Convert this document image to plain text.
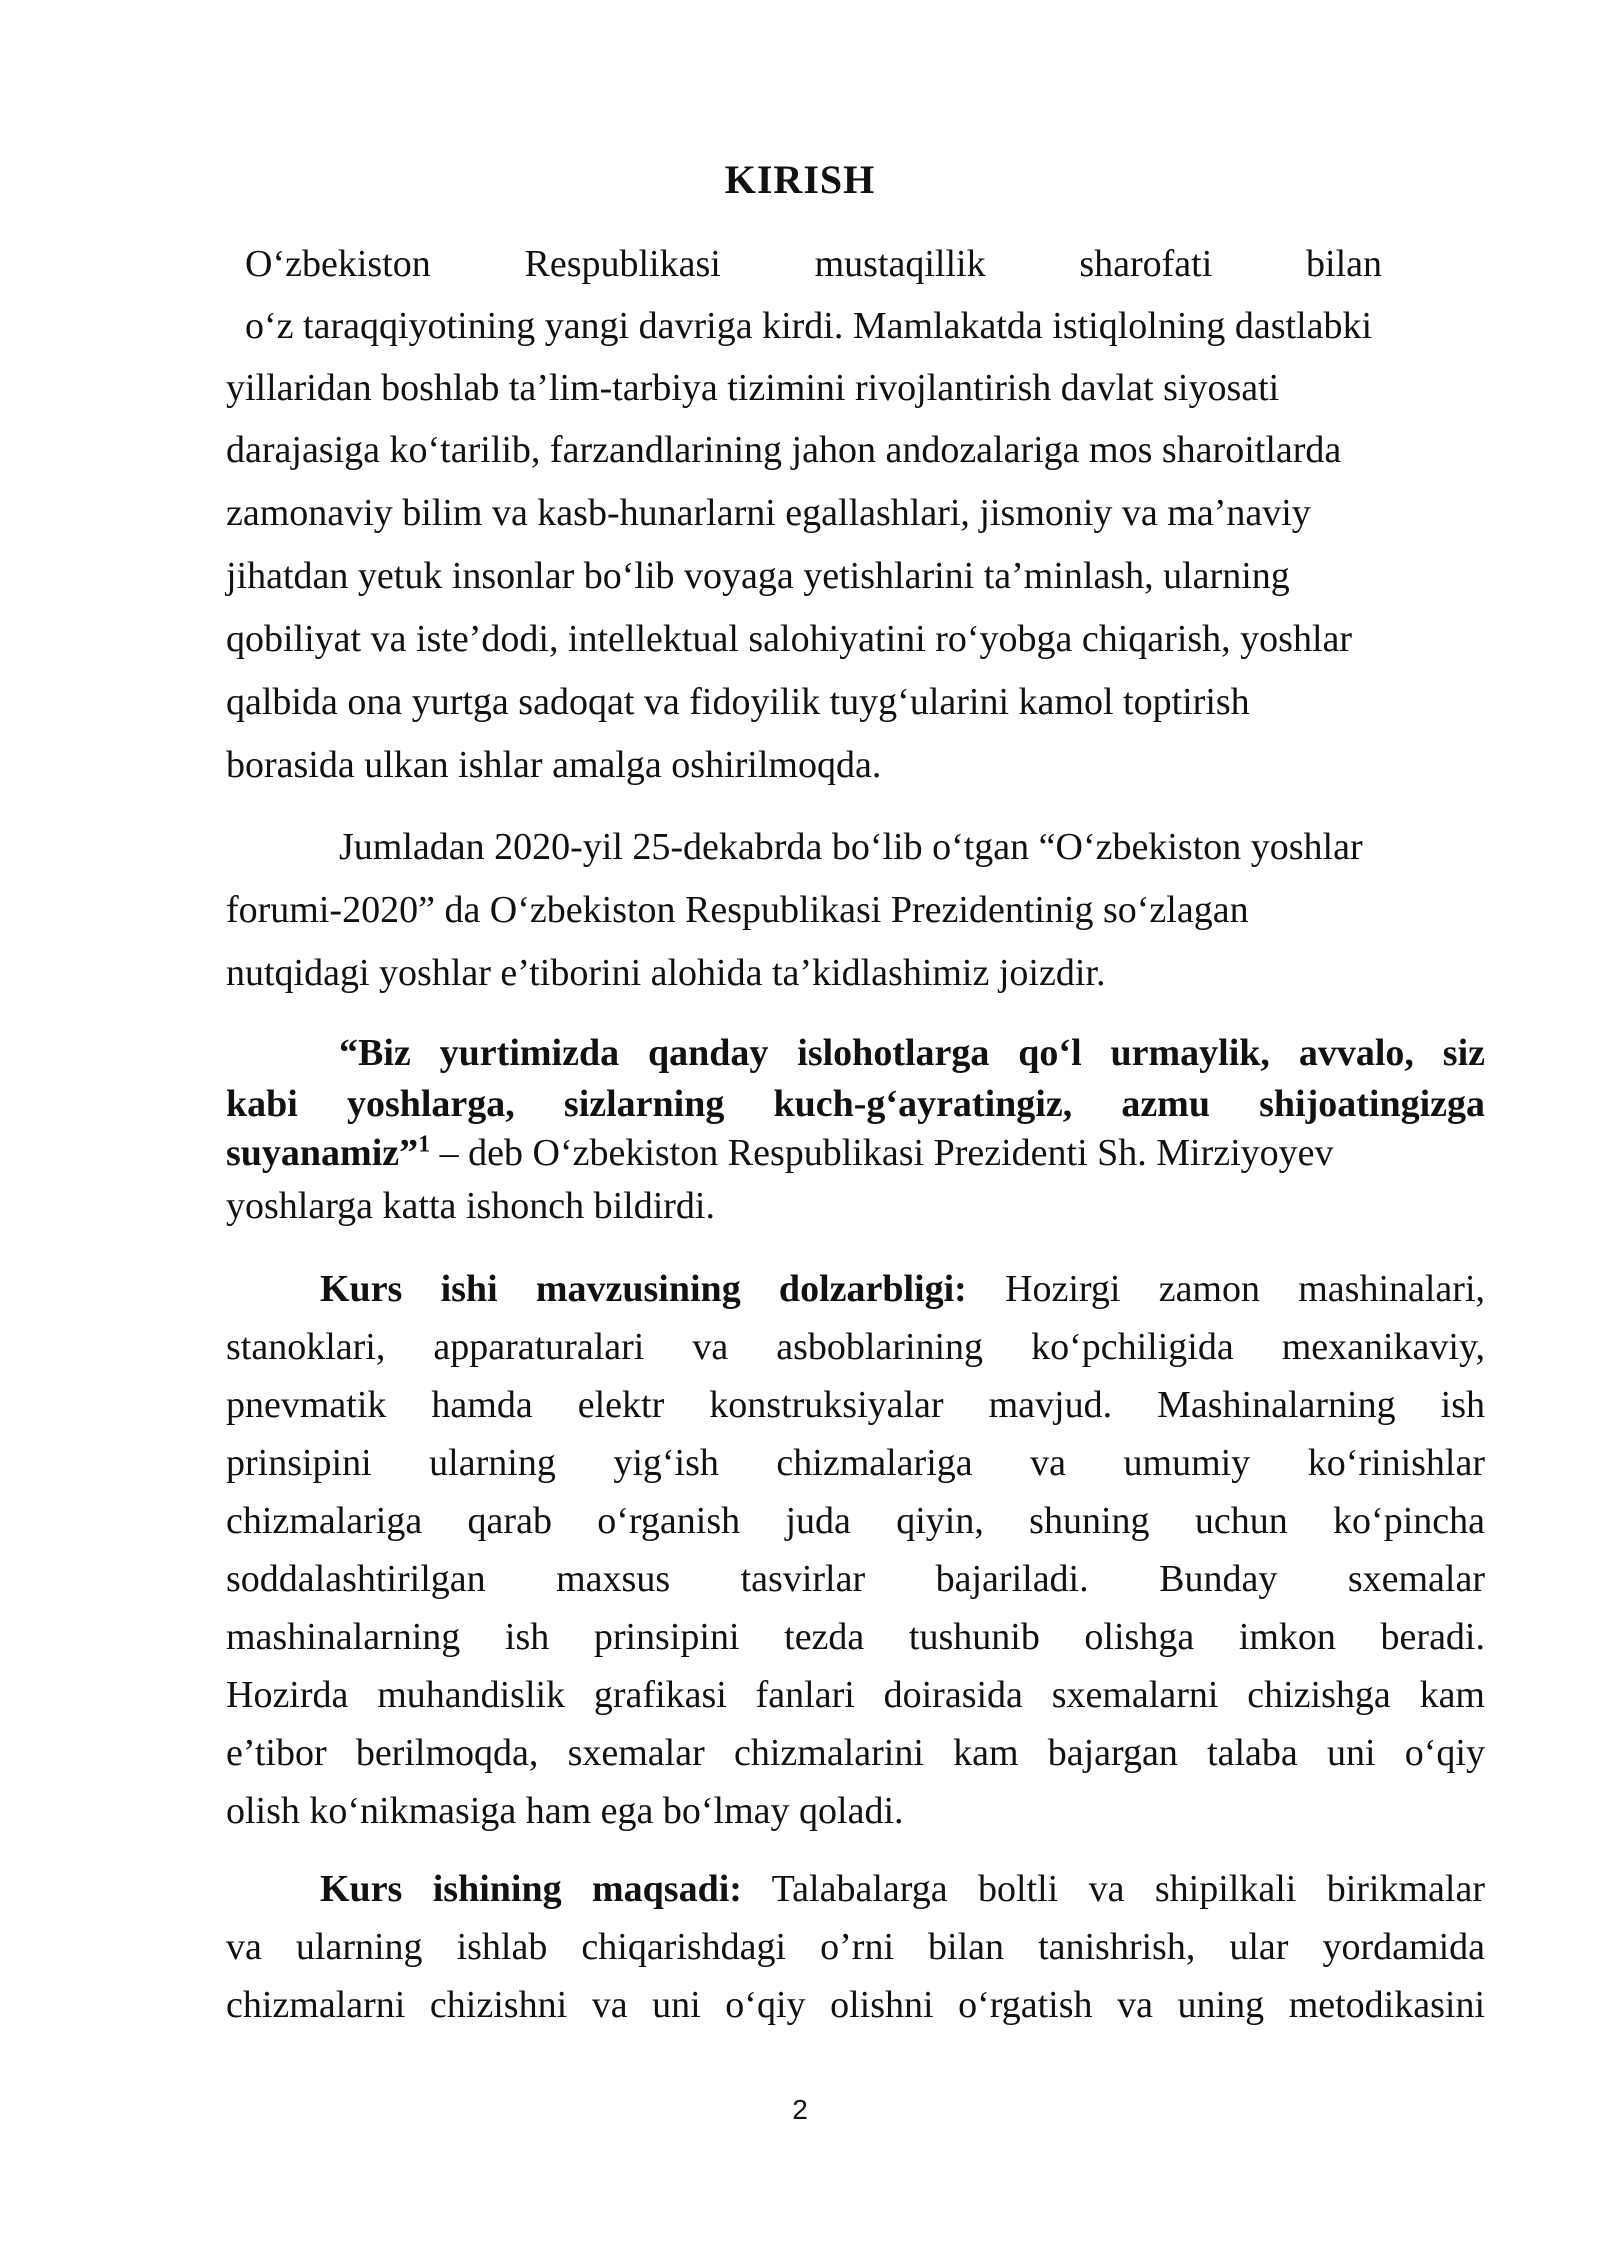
KIRISH
O‘zbekiston Respublikasi mustaqillik sharofati bilan
o‘z taraqqiyotining yangi davriga kirdi. Mamlakatda istiqlolning dastlabki
yillaridan boshlab ta’lim-tarbiya tizimini rivojlantirish davlat siyosati
darajasiga ko‘tarilib, farzandlarining jahon andozalariga mos sharoitlarda
zamonaviy bilim va kasb-hunarlarni egallashlari, jismoniy va ma’naviy
jihatdan yetuk insonlar bo‘lib voyaga yetishlarini ta’minlash, ularning
qobiliyat va iste’dodi, intellektual salohiyatini ro‘yobga chiqarish, yoshlar
qalbida ona yurtga sadoqat va fidoyilik tuyg‘ularini kamol toptirish
borasida ulkan ishlar amalga oshirilmoqda.
Jumladan 2020-yil 25-dekabrda bo‘lib o‘tgan “O‘zbekiston yoshlar
forumi-2020” da O‘zbekiston Respublikasi Prezidentinig so‘zlagan
nutqidagi yoshlar e’tiborini alohida ta’kidlashimiz joizdir.
“Biz yurtimizda qanday islohotlarga qo‘l urmaylik, avvalo, siz
kabi yoshlarga, sizlarning kuch-g‘ayratingiz, azmu shijoatingizga
suyanamiz”$^1$ – deb O‘zbekiston Respublikasi Prezidenti Sh. Mirziyoyev
yoshlarga katta ishonch bildirdi.
Kurs ishi mavzusining dolzarbligi: Hozirgi zamon mashinalari,
stanoklari, apparaturalari va asboblarining ko‘pchiligida mexanikaviy,
pnevmatik hamda elektr konstruksiyalar mavjud. Mashinalarning ish
prinsipini ularning yig‘ish chizmalariga va umumiy ko‘rinishlar
chizmalariga qarab o‘rganish juda qiyin, shuning uchun ko‘pincha
soddalashtirilgan maxsus tasvirlar bajariladi. Bunday sxemalar
mashinalarning ish prinsipini tezda tushunib olishga imkon beradi.
Hozirda muhandislik grafikasi fanlari doirasida sxemalarni chizishga kam
e’tibor berilmoqda, sxemalar chizmalarini kam bajargan talaba uni o‘qiy
olish ko‘nikmasiga ham ega bo‘lmay qoladi.
Kurs ishining maqsadi: Talabalarga boltli va shipilkali birikmalar
va ularning ishlab chiqarishdagi o’rni bilan tanishrish, ular yordamida
chizmalarni chizishni va uni o‘qiy olishni o‘rgatish va uning metodikasini
2
